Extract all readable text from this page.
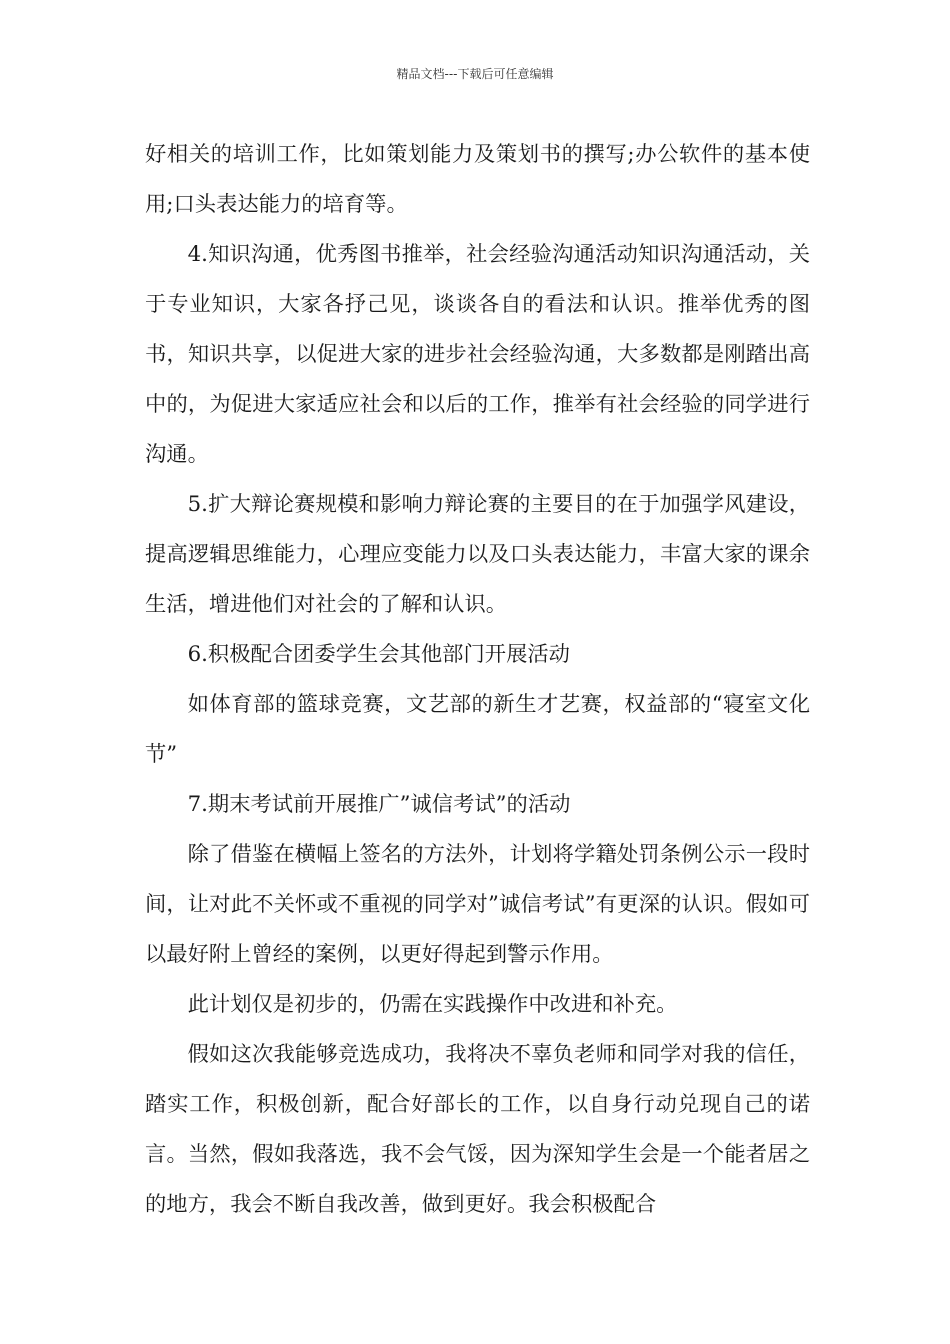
精品文档---下载后可任意编辑

好相关的培训工作，比如策划能力及策划书的撰写;办公软件的基本使用;口头表达能力的培育等。

4.知识沟通，优秀图书推举，社会经验沟通活动知识沟通活动，关于专业知识，大家各抒己见，谈谈各自的看法和认识。推举优秀的图书，知识共享，以促进大家的进步社会经验沟通，大多数都是刚踏出高中的，为促进大家适应社会和以后的工作，推举有社会经验的同学进行沟通。

5.扩大辩论赛规模和影响力辩论赛的主要目的在于加强学风建设，提高逻辑思维能力，心理应变能力以及口头表达能力，丰富大家的课余生活，增进他们对社会的了解和认识。

6.积极配合团委学生会其他部门开展活动

如体育部的篮球竞赛，文艺部的新生才艺赛，权益部的“寝室文化节”

7.期末考试前开展推广”诚信考试”的活动

除了借鉴在横幅上签名的方法外，计划将学籍处罚条例公示一段时间，让对此不关怀或不重视的同学对”诚信考试”有更深的认识。假如可以最好附上曾经的案例，以更好得起到警示作用。

此计划仅是初步的，仍需在实践操作中改进和补充。

假如这次我能够竞选成功，我将决不辜负老师和同学对我的信任，踏实工作，积极创新，配合好部长的工作，以自身行动兑现自己的诺言。当然，假如我落选，我不会气馁，因为深知学生会是一个能者居之的地方，我会不断自我改善，做到更好。我会积极配合
